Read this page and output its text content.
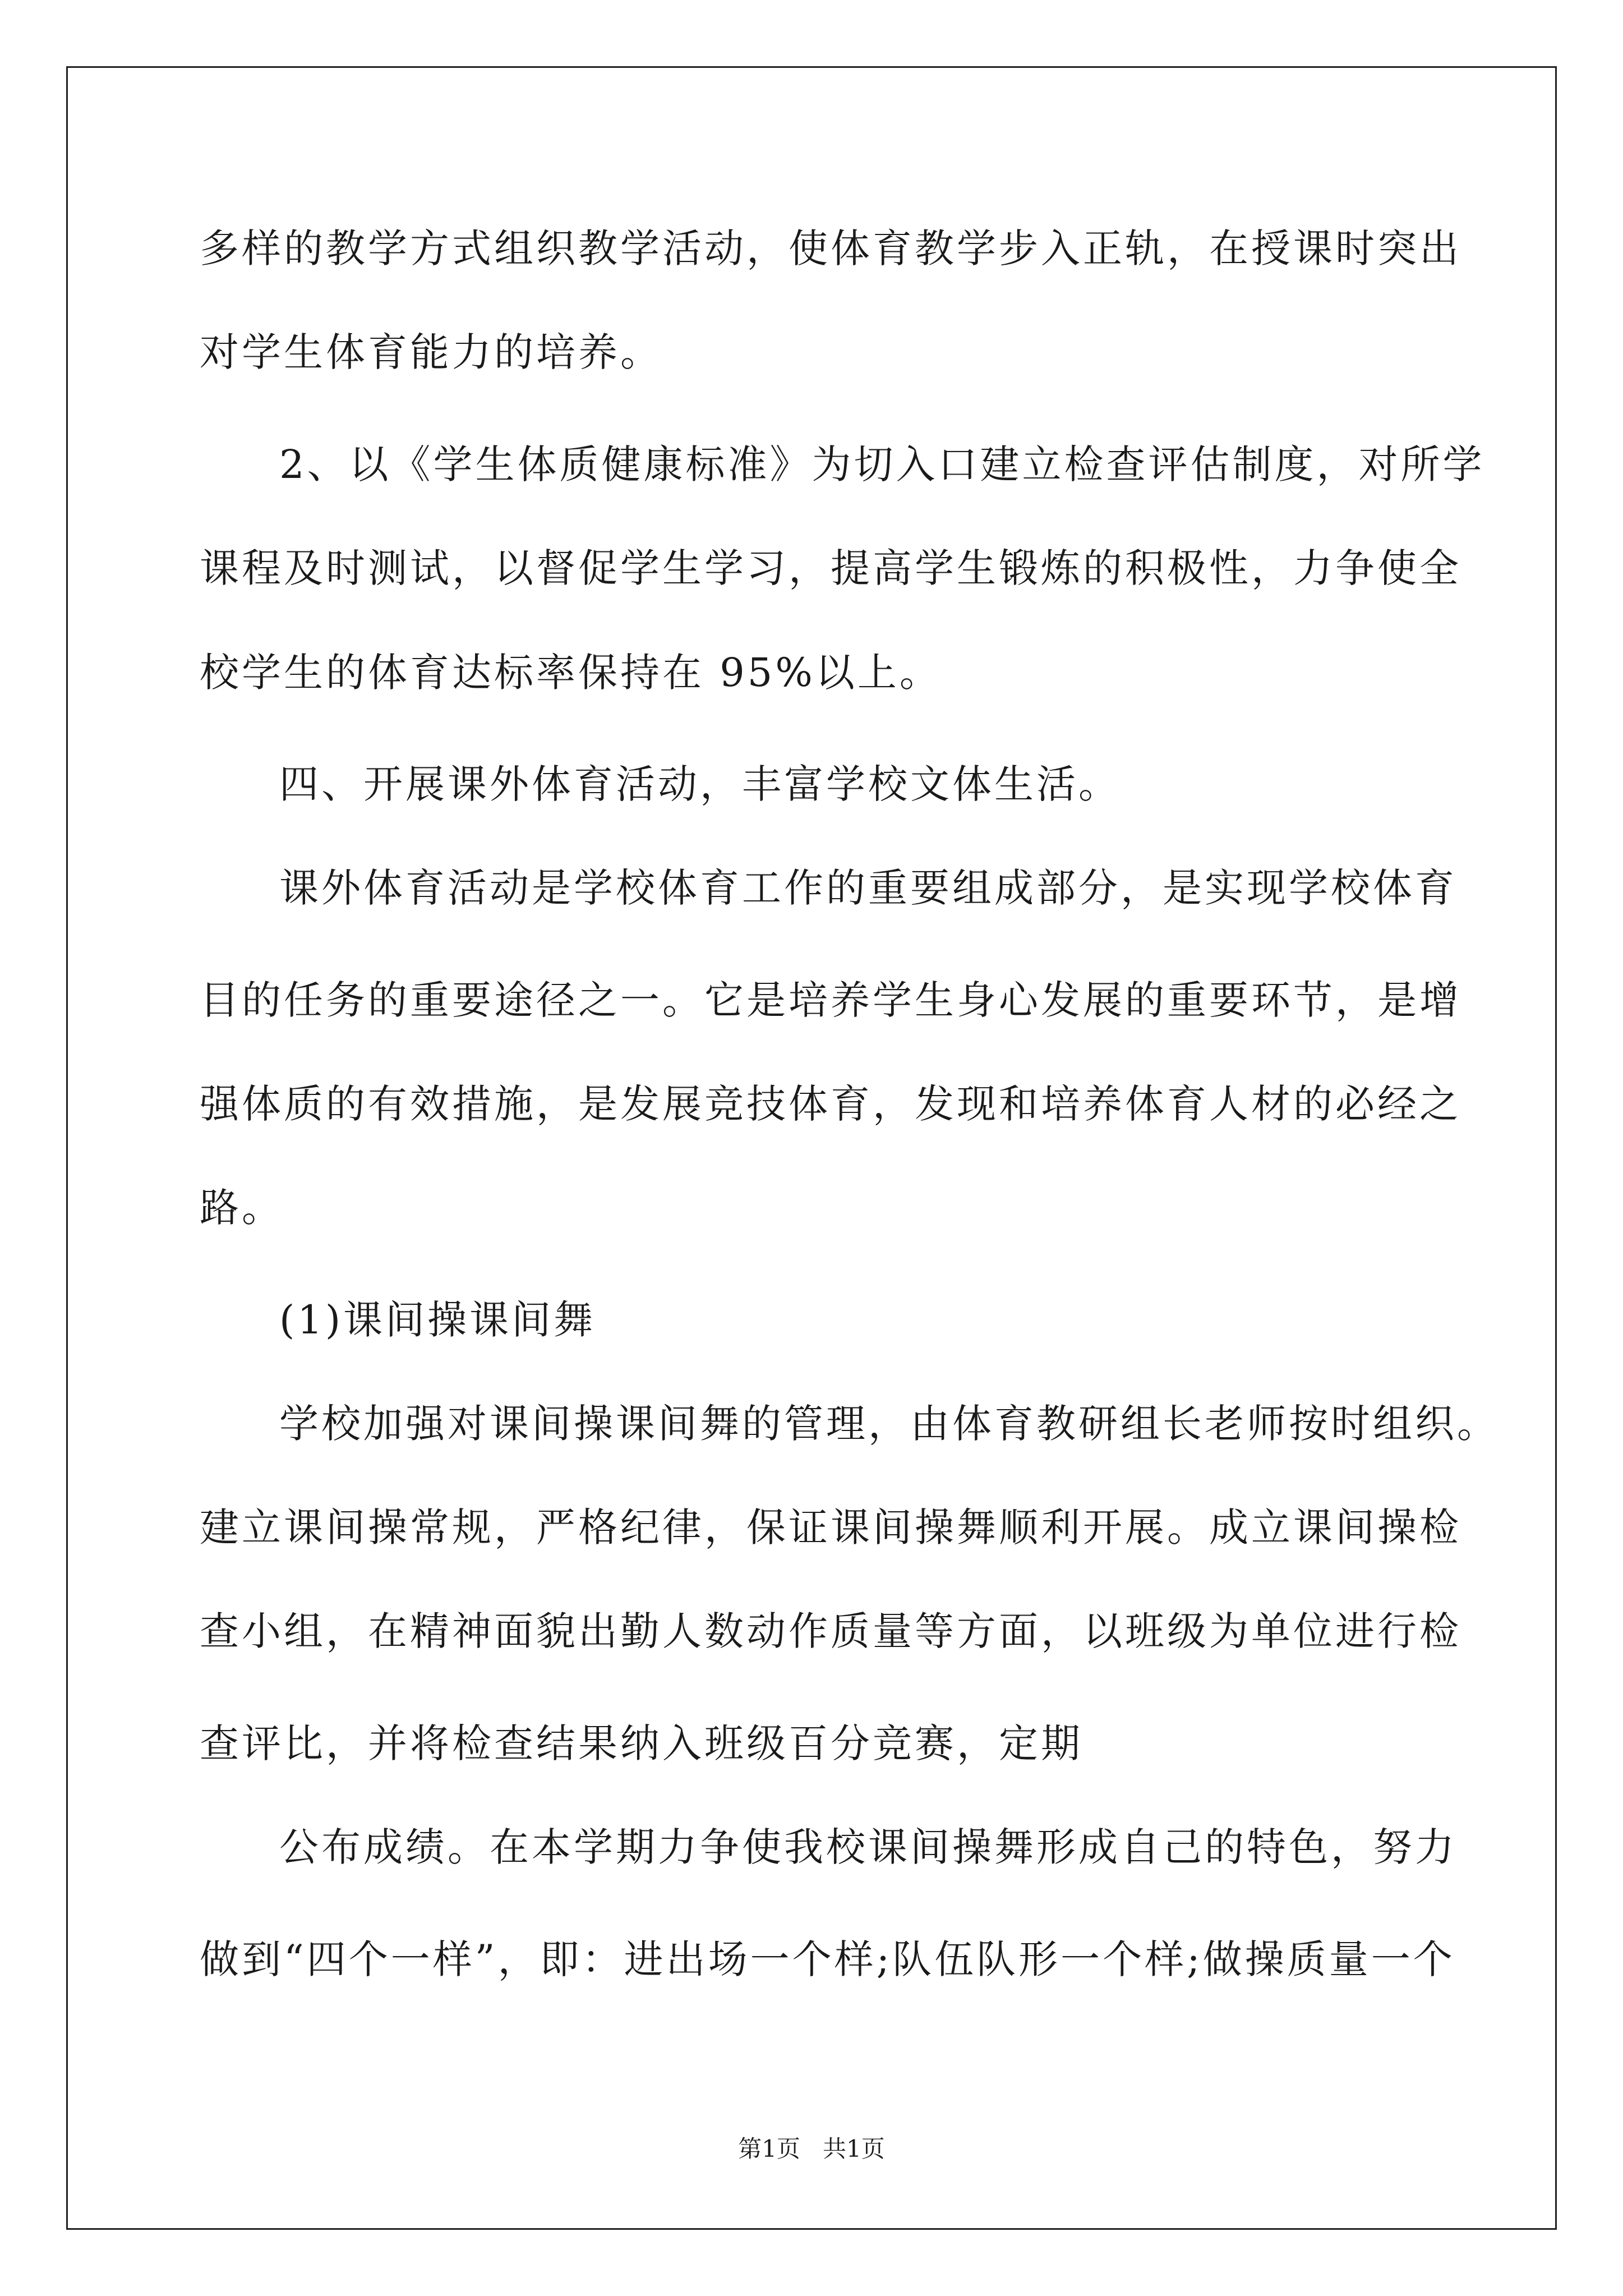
多样的教学方式组织教学活动，使体育教学步入正轨，在授课时突出
对学生体育能力的培养。
2、以《学生体质健康标准》为切入口建立检查评估制度，对所学
课程及时测试，以督促学生学习，提高学生锻炼的积极性，力争使全
校学生的体育达标率保持在 95%以上。
四、开展课外体育活动，丰富学校文体生活。
课外体育活动是学校体育工作的重要组成部分，是实现学校体育
目的任务的重要途径之一。它是培养学生身心发展的重要环节，是增
强体质的有效措施，是发展竞技体育，发现和培养体育人材的必经之
路。
(1)课间操课间舞
学校加强对课间操课间舞的管理，由体育教研组长老师按时组织。
建立课间操常规，严格纪律，保证课间操舞顺利开展。成立课间操检
查小组，在精神面貌出勤人数动作质量等方面，以班级为单位进行检
查评比，并将检查结果纳入班级百分竞赛，定期
公布成绩。在本学期力争使我校课间操舞形成自己的特色，努力
做到“四个一样”，即：进出场一个样;队伍队形一个样;做操质量一个
第1页   共1页
